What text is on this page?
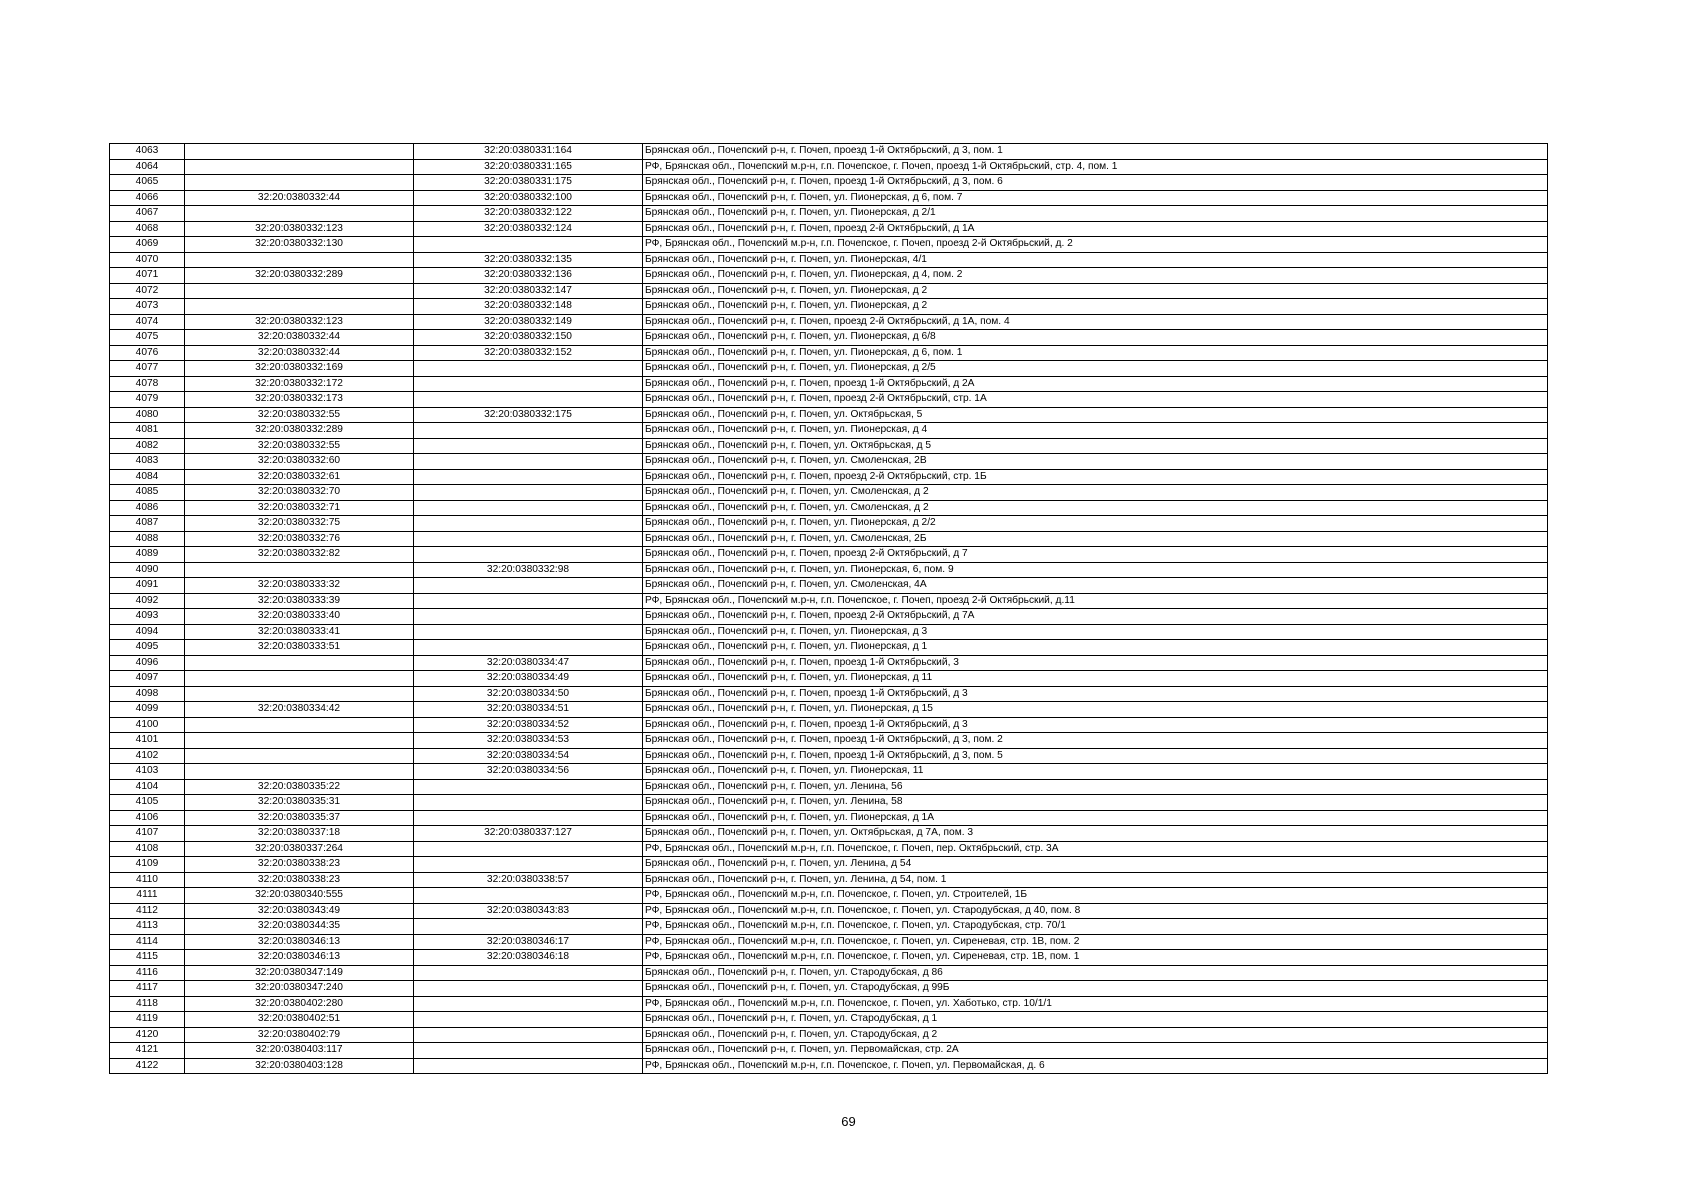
4063		32:20:0380331:164	Брянская обл., Почепский р-н, г. Почеп, проезд 1-й Октябрьский, д 3, пом. 1
4064		32:20:0380331:165	РФ, Брянская обл., Почепский м.р-н, г.п. Почепское, г. Почеп, проезд 1-й Октябрьский, стр. 4, пом. 1
4065		32:20:0380331:175	Брянская обл., Почепский р-н, г. Почеп, проезд 1-й Октябрьский, д 3, пом. 6
4066	32:20:0380332:44	32:20:0380332:100	Брянская обл., Почепский р-н, г. Почеп, ул. Пионерская, д 6, пом. 7
4067		32:20:0380332:122	Брянская обл., Почепский р-н, г. Почеп, ул. Пионерская, д 2/1
4068	32:20:0380332:123	32:20:0380332:124	Брянская обл., Почепский р-н, г. Почеп, проезд 2-й Октябрьский, д 1А
4069	32:20:0380332:130		РФ, Брянская обл., Почепский м.р-н, г.п. Почепское, г. Почеп, проезд 2-й Октябрьский, д. 2
4070		32:20:0380332:135	Брянская обл., Почепский р-н, г. Почеп, ул. Пионерская, 4/1
4071	32:20:0380332:289	32:20:0380332:136	Брянская обл., Почепский р-н, г. Почеп, ул. Пионерская, д 4, пом. 2
4072		32:20:0380332:147	Брянская обл., Почепский р-н, г. Почеп, ул. Пионерская, д 2
4073		32:20:0380332:148	Брянская обл., Почепский р-н, г. Почеп, ул. Пионерская, д 2
4074	32:20:0380332:123	32:20:0380332:149	Брянская обл., Почепский р-н, г. Почеп, проезд 2-й Октябрьский, д 1А, пом. 4
4075	32:20:0380332:44	32:20:0380332:150	Брянская обл., Почепский р-н, г. Почеп, ул. Пионерская, д 6/8
4076	32:20:0380332:44	32:20:0380332:152	Брянская обл., Почепский р-н, г. Почеп, ул. Пионерская, д 6, пом. 1
4077	32:20:0380332:169		Брянская обл., Почепский р-н, г. Почеп, ул. Пионерская, д 2/5
4078	32:20:0380332:172		Брянская обл., Почепский р-н, г. Почеп, проезд 1-й Октябрьский, д 2А
4079	32:20:0380332:173		Брянская обл., Почепский р-н, г. Почеп, проезд 2-й Октябрьский, стр. 1А
4080	32:20:0380332:55	32:20:0380332:175	Брянская обл., Почепский р-н, г. Почеп, ул. Октябрьская, 5
4081	32:20:0380332:289		Брянская обл., Почепский р-н, г. Почеп, ул. Пионерская, д 4
4082	32:20:0380332:55		Брянская обл., Почепский р-н, г. Почеп, ул. Октябрьская, д 5
4083	32:20:0380332:60		Брянская обл., Почепский р-н, г. Почеп, ул. Смоленская, 2В
4084	32:20:0380332:61		Брянская обл., Почепский р-н, г. Почеп, проезд 2-й Октябрьский, стр. 1Б
4085	32:20:0380332:70		Брянская обл., Почепский р-н, г. Почеп, ул. Смоленская, д 2
4086	32:20:0380332:71		Брянская обл., Почепский р-н, г. Почеп, ул. Смоленская, д 2
4087	32:20:0380332:75		Брянская обл., Почепский р-н, г. Почеп, ул. Пионерская, д 2/2
4088	32:20:0380332:76		Брянская обл., Почепский р-н, г. Почеп, ул. Смоленская, 2Б
4089	32:20:0380332:82		Брянская обл., Почепский р-н, г. Почеп, проезд 2-й Октябрьский, д 7
4090		32:20:0380332:98	Брянская обл., Почепский р-н, г. Почеп, ул. Пионерская, 6, пом. 9
4091	32:20:0380333:32		Брянская обл., Почепский р-н, г. Почеп, ул. Смоленская, 4А
4092	32:20:0380333:39		РФ, Брянская обл., Почепский м.р-н, г.п. Почепское, г. Почеп, проезд 2-й Октябрьский, д.11
4093	32:20:0380333:40		Брянская обл., Почепский р-н, г. Почеп, проезд 2-й Октябрьский, д 7А
4094	32:20:0380333:41		Брянская обл., Почепский р-н, г. Почеп, ул. Пионерская, д 3
4095	32:20:0380333:51		Брянская обл., Почепский р-н, г. Почеп, ул. Пионерская, д 1
4096		32:20:0380334:47	Брянская обл., Почепский р-н, г. Почеп, проезд 1-й Октябрьский, 3
4097		32:20:0380334:49	Брянская обл., Почепский р-н, г. Почеп, ул. Пионерская, д 11
4098		32:20:0380334:50	Брянская обл., Почепский р-н, г. Почеп, проезд 1-й Октябрьский, д 3
4099	32:20:0380334:42	32:20:0380334:51	Брянская обл., Почепский р-н, г. Почеп, ул. Пионерская, д 15
4100		32:20:0380334:52	Брянская обл., Почепский р-н, г. Почеп, проезд 1-й Октябрьский, д 3
4101		32:20:0380334:53	Брянская обл., Почепский р-н, г. Почеп, проезд 1-й Октябрьский, д 3, пом. 2
4102		32:20:0380334:54	Брянская обл., Почепский р-н, г. Почеп, проезд 1-й Октябрьский, д 3, пом. 5
4103		32:20:0380334:56	Брянская обл., Почепский р-н, г. Почеп, ул. Пионерская, 11
4104	32:20:0380335:22		Брянская обл., Почепский р-н, г. Почеп, ул. Ленина, 56
4105	32:20:0380335:31		Брянская обл., Почепский р-н, г. Почеп, ул. Ленина, 58
4106	32:20:0380335:37		Брянская обл., Почепский р-н, г. Почеп, ул. Пионерская, д 1А
4107	32:20:0380337:18	32:20:0380337:127	Брянская обл., Почепский р-н, г. Почеп, ул. Октябрьская, д 7А, пом. 3
4108	32:20:0380337:264		РФ, Брянская обл., Почепский м.р-н, г.п. Почепское, г. Почеп, пер. Октябрьский, стр. 3А
4109	32:20:0380338:23		Брянская обл., Почепский р-н, г. Почеп, ул. Ленина, д 54
4110	32:20:0380338:23	32:20:0380338:57	Брянская обл., Почепский р-н, г. Почеп, ул. Ленина, д 54, пом. 1
4111	32:20:0380340:555		РФ, Брянская обл., Почепский м.р-н, г.п. Почепское, г. Почеп, ул. Строителей, 1Б
4112	32:20:0380343:49	32:20:0380343:83	РФ, Брянская обл., Почепский м.р-н, г.п. Почепское, г. Почеп, ул. Стародубская, д 40, пом. 8
4113	32:20:0380344:35		РФ, Брянская обл., Почепский м.р-н, г.п. Почепское, г. Почеп, ул. Стародубская, стр. 70/1
4114	32:20:0380346:13	32:20:0380346:17	РФ, Брянская обл., Почепский м.р-н, г.п. Почепское, г. Почеп, ул. Сиреневая, стр. 1В, пом. 2
4115	32:20:0380346:13	32:20:0380346:18	РФ, Брянская обл., Почепский м.р-н, г.п. Почепское, г. Почеп, ул. Сиреневая, стр. 1В, пом. 1
4116	32:20:0380347:149		Брянская обл., Почепский р-н, г. Почеп, ул. Стародубская, д 86
4117	32:20:0380347:240		Брянская обл., Почепский р-н, г. Почеп, ул. Стародубская, д 99Б
4118	32:20:0380402:280		РФ, Брянская обл., Почепский м.р-н, г.п. Почепское, г. Почеп, ул. Хаботько, стр. 10/1/1
4119	32:20:0380402:51		Брянская обл., Почепский р-н, г. Почеп, ул. Стародубская, д 1
4120	32:20:0380402:79		Брянская обл., Почепский р-н, г. Почеп, ул. Стародубская, д 2
4121	32:20:0380403:117		Брянская обл., Почепский р-н, г. Почеп, ул. Первомайская, стр. 2А
4122	32:20:0380403:128		РФ, Брянская обл., Почепский м.р-н, г.п. Почепское, г. Почеп, ул. Первомайская, д. 6
69
